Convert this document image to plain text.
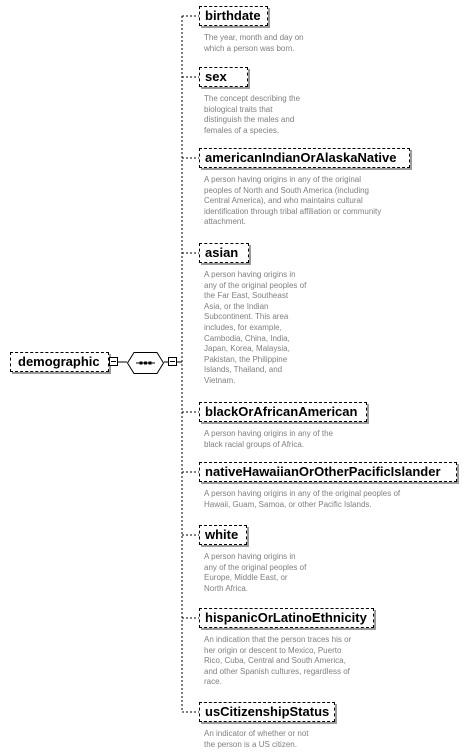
demographic
birthdate
The year, month and day on
which a person was born.
sex
The concept describing the
biological traits that
distinguish the males and
females of a species.
americanIndianOrAlaskaNative
A person having origins in any of the original
peoples of North and South America (including
Central America), and who maintains cultural
identification through tribal affiliation or community
attachment.
asian
A person having origins in
any of the original peoples of
the Far East, Southeast
Asia, or the Indian
Subcontinent. This area
includes, for example,
Cambodia, China, India,
Japan, Korea, Malaysia,
Pakistan, the Philippine
Islands, Thailand, and
Vietnam.
blackOrAfricanAmerican
A person having origins in any of the
black racial groups of Africa.
nativeHawaiianOrOtherPacificIslander
A person having origins in any of the original peoples of
Hawaii, Guam, Samoa, or other Pacific Islands.
white
A person having origins in
any of the original peoples of
Europe, Middle East, or
North Africa.
hispanicOrLatinoEthnicity
An indication that the person traces his or
her origin or descent to Mexico, Puerto
Rico, Cuba, Central and South America,
and other Spanish cultures, regardless of
race.
usCitizenshipStatus
An indicator of whether or not
the person is a US citizen.
